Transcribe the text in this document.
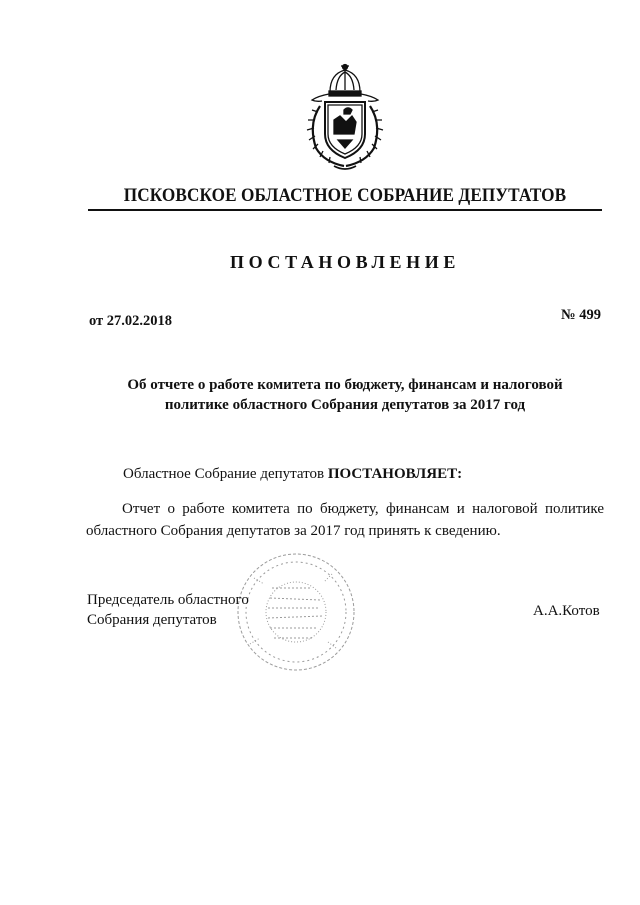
ПСКОВСКОЕ ОБЛАСТНОЕ СОБРАНИЕ ДЕПУТАТОВ
ПОСТАНОВЛЕНИЕ
от 27.02.2018	№ 499
Об отчете о работе комитета по бюджету, финансам и налоговой
политике областного Собрания депутатов за 2017 год
Областное Собрание депутатов ПОСТАНОВЛЯЕТ:
Отчет о работе комитета по бюджету, финансам и налоговой политике областного Собрания депутатов за 2017 год принять к сведению.
Председатель областного
Собрания депутатов
А.А.Котов
